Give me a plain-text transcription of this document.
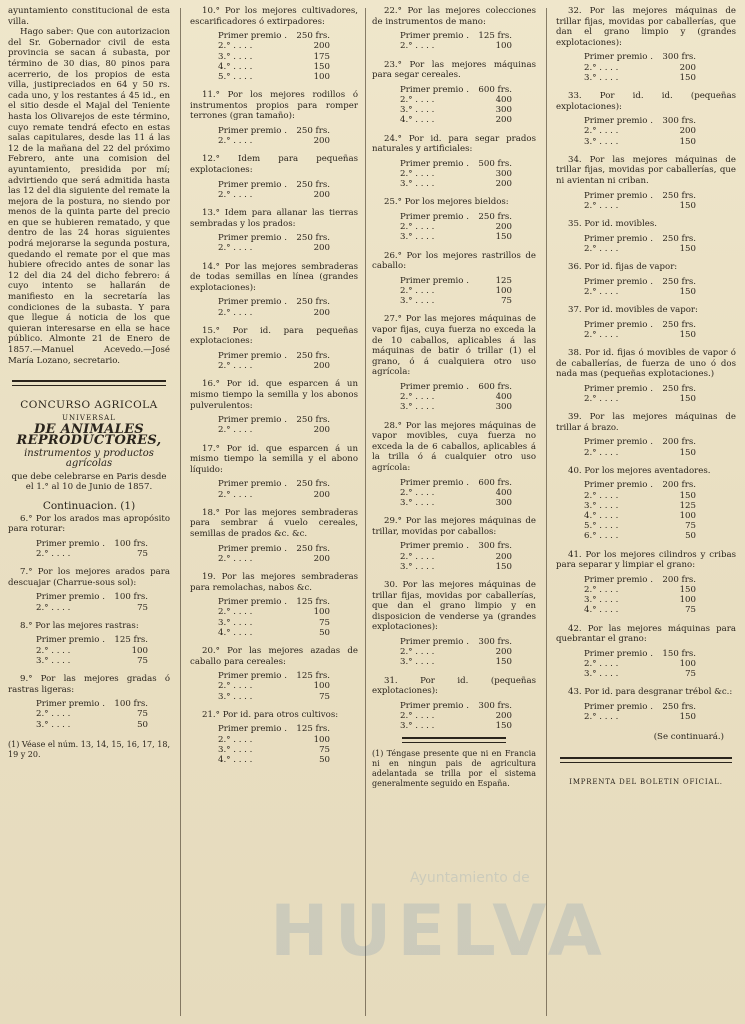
ayuntamiento constitucional de esta villa.

Hago saber: Que con autorizacion del Sr. Gobernador civil de esta provincia se sacan á subasta, por término de 30 dias, 80 pinos para acerrerio, de los propios de esta villa, justipreciados en 64 y 50 rs. cada uno, y los restantes á 45 id., en el sitio desde el Majal del Teniente hasta los Olivarejos de este término, cuyo remate tendrá efecto en estas salas capitulares, desde las 11 á las 12 de la mañana del 22 del próximo Febrero, ante una comision del ayuntamiento, presidida por mí; advirtiendo que será admitida hasta las 12 del dia siguiente del remate la mejora de la postura, no siendo por menos de la quinta parte del precio en que se hubieren rematado, y que dentro de las 24 horas siguientes podrá mejorarse la segunda postura, quedando el remate por el que mas hubiere ofrecido antes de sonar las 12 del dia 24 del dicho febrero: á cuyo intento se hallarán de manifiesto en la secretaría las condiciones de la subasta. Y para que llegue á noticia de los que quieran interesarse en ella se hace público. Almonte 21 de Enero de 1857.—Manuel Acevedo.—José María Lozano, secretario.

CONCURSO AGRICOLA
UNIVERSAL
DE ANIMALES REPRODUCTORES,
instrumentos y productos agrícolas
que debe celebrarse en Paris desde el 1.° al 10 de Junio de 1857.
Continuacion. (1)

6.° Por los arados mas apropósito para roturar:

Primer premio .	100 frs.
2.° . . . .	75

7.° Por los mejores arados para descuajar (Charrue-sous sol):

Primer premio .	100 frs.
2.° . . . .	75

8.° Por las mejores rastras:

Primer premio .	125 frs.
2.° . . . .	100
3.° . . . .	75

9.° Por las mejores gradas ó rastras ligeras:

Primer premio .	100 frs.
2.° . . . .	75
3.° . . . .	50
(1) Véase el núm. 13, 14, 15, 16, 17, 18, 19 y 20.

10.° Por los mejores cultivadores, escarificadores ó extirpadores:

Primer premio .	250 frs.
2.° . . . .	200
3.° . . . .	175
4.° . . . .	150
5.° . . . .	100

11.° Por los mejores rodillos ó instrumentos propios para romper terrones (gran tamaño):

Primer premio .	250 frs.
2.° . . . .	200

12.° Idem para pequeñas explotaciones:

Primer premio .	250 frs.
2.° . . . .	200

13.° Idem para allanar las tierras sembradas y los prados:

Primer premio .	250 frs.
2.° . . . .	200

14.° Por las mejores sembraderas de todas semillas en línea (grandes explotaciones):

Primer premio .	250 frs.
2.° . . . .	200

15.° Por id. para pequeñas explotaciones:

Primer premio .	250 frs.
2.° . . . .	200

16.° Por id. que esparcen á un mismo tiempo la semilla y los abonos pulverulentos:

Primer premio .	250 frs.
2.° . . . .	200

17.° Por id. que esparcen á un mismo tiempo la semilla y el abono líquido:

Primer premio .	250 frs.
2.° . . . .	200

18.° Por las mejores sembraderas para sembrar á vuelo cereales, semillas de prados &c. &c.

Primer premio .	250 frs.
2.° . . . .	200

19. Por las mejores sembraderas para remolachas, nabos &c.

Primer premio .	125 frs.
2.° . . . .	100
3.° . . . .	75
4.° . . . .	50

20.° Por las mejores azadas de caballo para cereales:

Primer premio .	125 frs.
2.° . . . .	100
3.° . . . .	75

21.° Por id. para otros cultivos:

Primer premio .	125 frs.
2.° . . . .	100
3.° . . . .	75
4.° . . . .	50

22.° Por las mejores colecciones de instrumentos de mano:

Primer premio .	125 frs.
2.° . . . .	100

23.° Por las mejores máquinas para segar cereales.

Primer premio .	600 frs.
2.° . . . .	400
3.° . . . .	300
4.° . . . .	200

24.° Por id. para segar prados naturales y artificiales:

Primer premio .	500 frs.
2.° . . . .	300
3.° . . . .	200

25.° Por los mejores bieldos:

Primer premio .	250 frs.
2.° . . . .	200
3.° . . . .	150

26.° Por los mejores rastrillos de caballo:

Primer premio .	125
2.° . . . .	100
3.° . . . .	75

27.° Por las mejores máquinas de vapor fijas, cuya fuerza no exceda la de 10 caballos, aplicables á las máquinas de batir ó trillar (1) el grano, ó á cualquiera otro uso agrícola:

Primer premio .	600 frs.
2.° . . . .	400
3.° . . . .	300

28.° Por las mejores máquinas de vapor movibles, cuya fuerza no exceda la de 6 caballos, aplicables á la trilla ó á cualquier otro uso agrícola:

Primer premio .	600 frs.
2.° . . . .	400
3.° . . . .	300

29.° Por las mejores máquinas de trillar, movidas por caballos:

Primer premio .	300 frs.
2.° . . . .	200
3.° . . . .	150

30. Por las mejores máquinas de trillar fijas, movidas por caballerías, que dan el grano limpio y en disposicion de venderse ya (grandes explotaciones):

Primer premio .	300 frs.
2.° . . . .	200
3.° . . . .	150

31. Por id. (pequeñas explotaciones):

Primer premio .	300 frs.
2.° . . . .	200
3.° . . . .	150
(1) Téngase presente que ni en Francia ni en ningun pais de agricultura adelantada se trilla por el sistema generalmente seguido en España.

32. Por las mejores máquinas de trillar fijas, movidas por caballerías, que dan el grano limpio y (grandes explotaciones):

Primer premio .	300 frs.
2.° . . . .	200
3.° . . . .	150

33. Por id. id. (pequeñas explotaciones):

Primer premio .	300 frs.
2.° . . . .	200
3.° . . . .	150

34. Por las mejores máquinas de trillar fijas, movidas por caballerías, que ni avientan ni criban.

Primer premio .	250 frs.
2.° . . . .	150

35. Por id. movibles.

Primer premio .	250 frs.
2.° . . . .	150

36. Por id. fijas de vapor:

Primer premio .	250 frs.
2.° . . . .	150

37. Por id. movibles de vapor:

Primer premio .	250 frs.
2.° . . . .	150

38. Por id. fijas ó movibles de vapor ó de caballerías, de fuerza de uno ó dos nada mas (pequeñas explotaciones.)

Primer premio .	250 frs.
2.° . . . .	150

39. Por las mejores máquinas de trillar á brazo.

Primer premio .	200 frs.
2.° . . . .	150

40. Por los mejores aventadores.

Primer premio .	200 frs.
2.° . . . .	150
3.° . . . .	125
4.° . . . .	100
5.° . . . .	75
6.° . . . .	50

41. Por los mejores cilindros y cribas para separar y limpiar el grano:

Primer premio .	200 frs.
2.° . . . .	150
3.° . . . .	100
4.° . . . .	75

42. Por las mejores máquinas para quebrantar el grano:

Primer premio .	150 frs.
2.° . . . .	100
3.° . . . .	75

43. Por id. para desgranar trébol &c.:

Primer premio .	250 frs.
2.° . . . .	150
(Se continuará.)
IMPRENTA DEL BOLETIN OFICIAL.
Ayuntamiento de
HUELVA
